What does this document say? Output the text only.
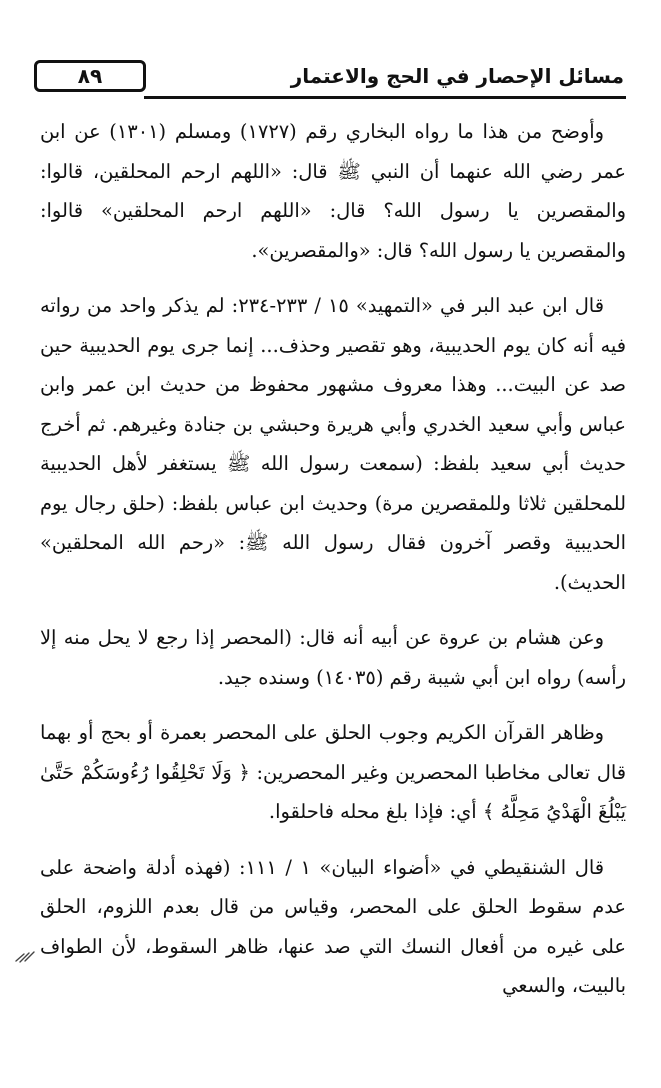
٨٩	مسائل الإحصار في الحج والاعتمار

وأوضح من هذا ما رواه البخاري رقم (١٧٢٧) ومسلم (١٣٠١) عن ابن عمر رضي الله عنهما أن النبي ﷺ قال: «اللهم ارحم المحلقين، قالوا: والمقصرين يا رسول الله؟ قال: «اللهم ارحم المحلقين» قالوا: والمقصرين يا رسول الله؟ قال: «والمقصرين».

قال ابن عبد البر في «التمهيد» ١٥ / ٢٣٣-٢٣٤: لم يذكر واحد من رواته فيه أنه كان يوم الحديبية، وهو تقصير وحذف... إنما جرى يوم الحديبية حين صد عن البيت... وهذا معروف مشهور محفوظ من حديث ابن عمر وابن عباس وأبي سعيد الخدري وأبي هريرة وحبشي بن جنادة وغيرهم. ثم أخرج حديث أبي سعيد بلفظ: (سمعت رسول الله ﷺ يستغفر لأهل الحديبية للمحلقين ثلاثا وللمقصرين مرة) وحديث ابن عباس بلفظ: (حلق رجال يوم الحديبية وقصر آخرون فقال رسول الله ﷺ: «رحم الله المحلقين» الحديث).

وعن هشام بن عروة عن أبيه أنه قال: (المحصر إذا رجع لا يحل منه إلا رأسه) رواه ابن أبي شيبة رقم (١٤٠٣٥) وسنده جيد.

وظاهر القرآن الكريم وجوب الحلق على المحصر بعمرة أو بحج أو بهما قال تعالى مخاطبا المحصرين وغير المحصرين: ﴿ وَلَا تَحْلِقُوا رُءُوسَكُمْ حَتَّىٰ يَبْلُغَ الْهَدْيُ مَحِلَّهُ ﴾ أي: فإذا بلغ محله فاحلقوا.

قال الشنقيطي في «أضواء البيان» ١ / ١١١: (فهذه أدلة واضحة على عدم سقوط الحلق على المحصر، وقياس من قال بعدم اللزوم، الحلق على غيره من أفعال النسك التي صد عنها، ظاهر السقوط، لأن الطواف بالبيت، والسعي
